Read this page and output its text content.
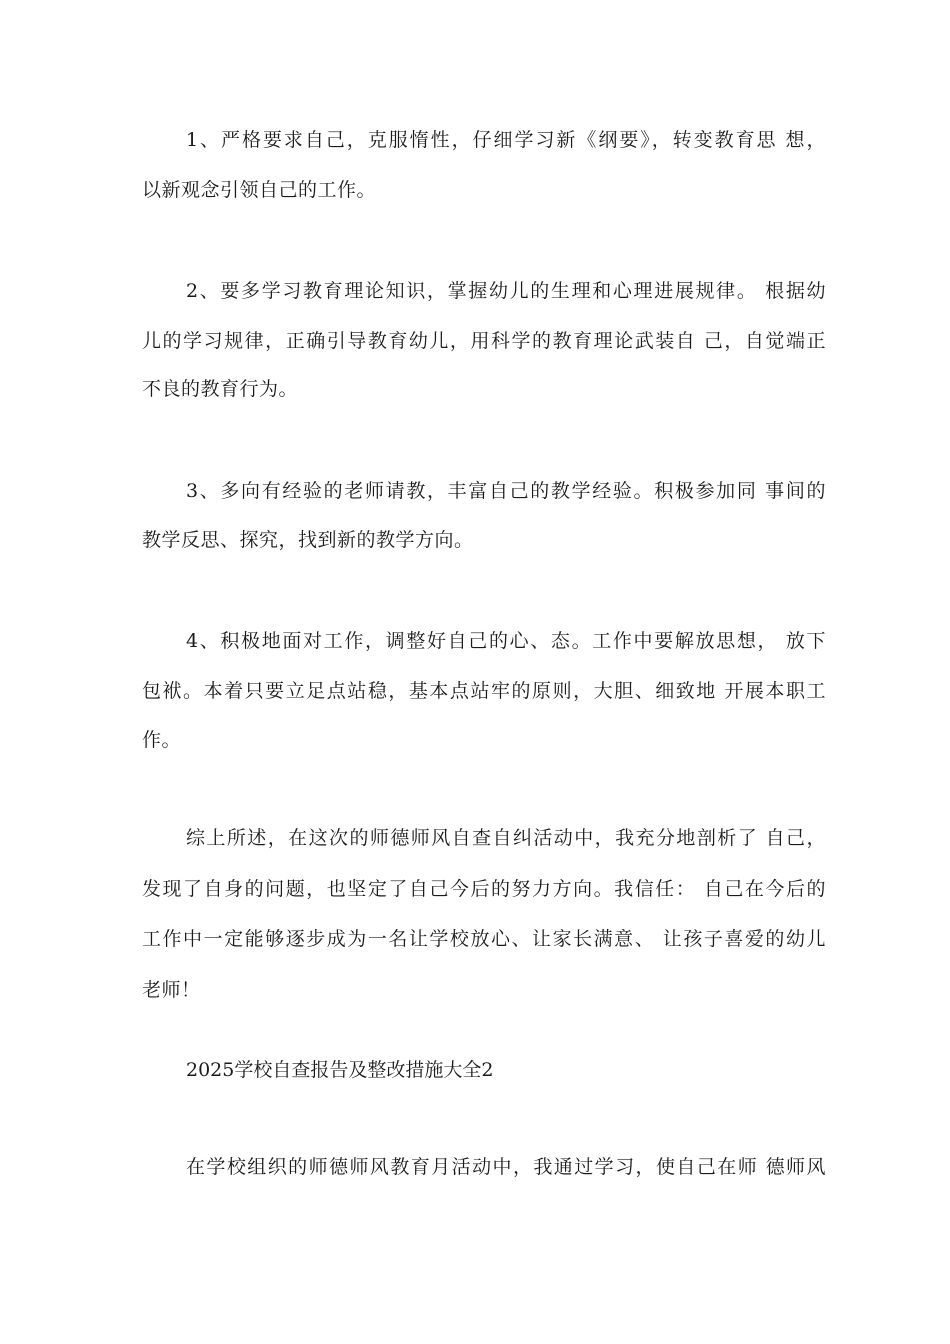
1、严格要求自己，克服惰性，仔细学习新《纲要》，转变教育思 想，
以新观念引领自己的工作。
2、要多学习教育理论知识，掌握幼儿的生理和心理进展规律。 根据幼
儿的学习规律，正确引导教育幼儿，用科学的教育理论武装自 己，自觉端正
不良的教育行为。
3、多向有经验的老师请教，丰富自己的教学经验。积极参加同 事间的
教学反思、探究，找到新的教学方向。
4、积极地面对工作，调整好自己的心、态。工作中要解放思想， 放下
包袱。本着只要立足点站稳，基本点站牢的原则，大胆、细致地 开展本职工
作。
综上所述，在这次的师德师风自查自纠活动中，我充分地剖析了 自己，
发现了自身的问题，也坚定了自己今后的努力方向。我信任： 自己在今后的
工作中一定能够逐步成为一名让学校放心、让家长满意、 让孩子喜爱的幼儿
老师！
2025学校自查报告及整改措施大全2
在学校组织的师德师风教育月活动中，我通过学习，使自己在师 德师风
